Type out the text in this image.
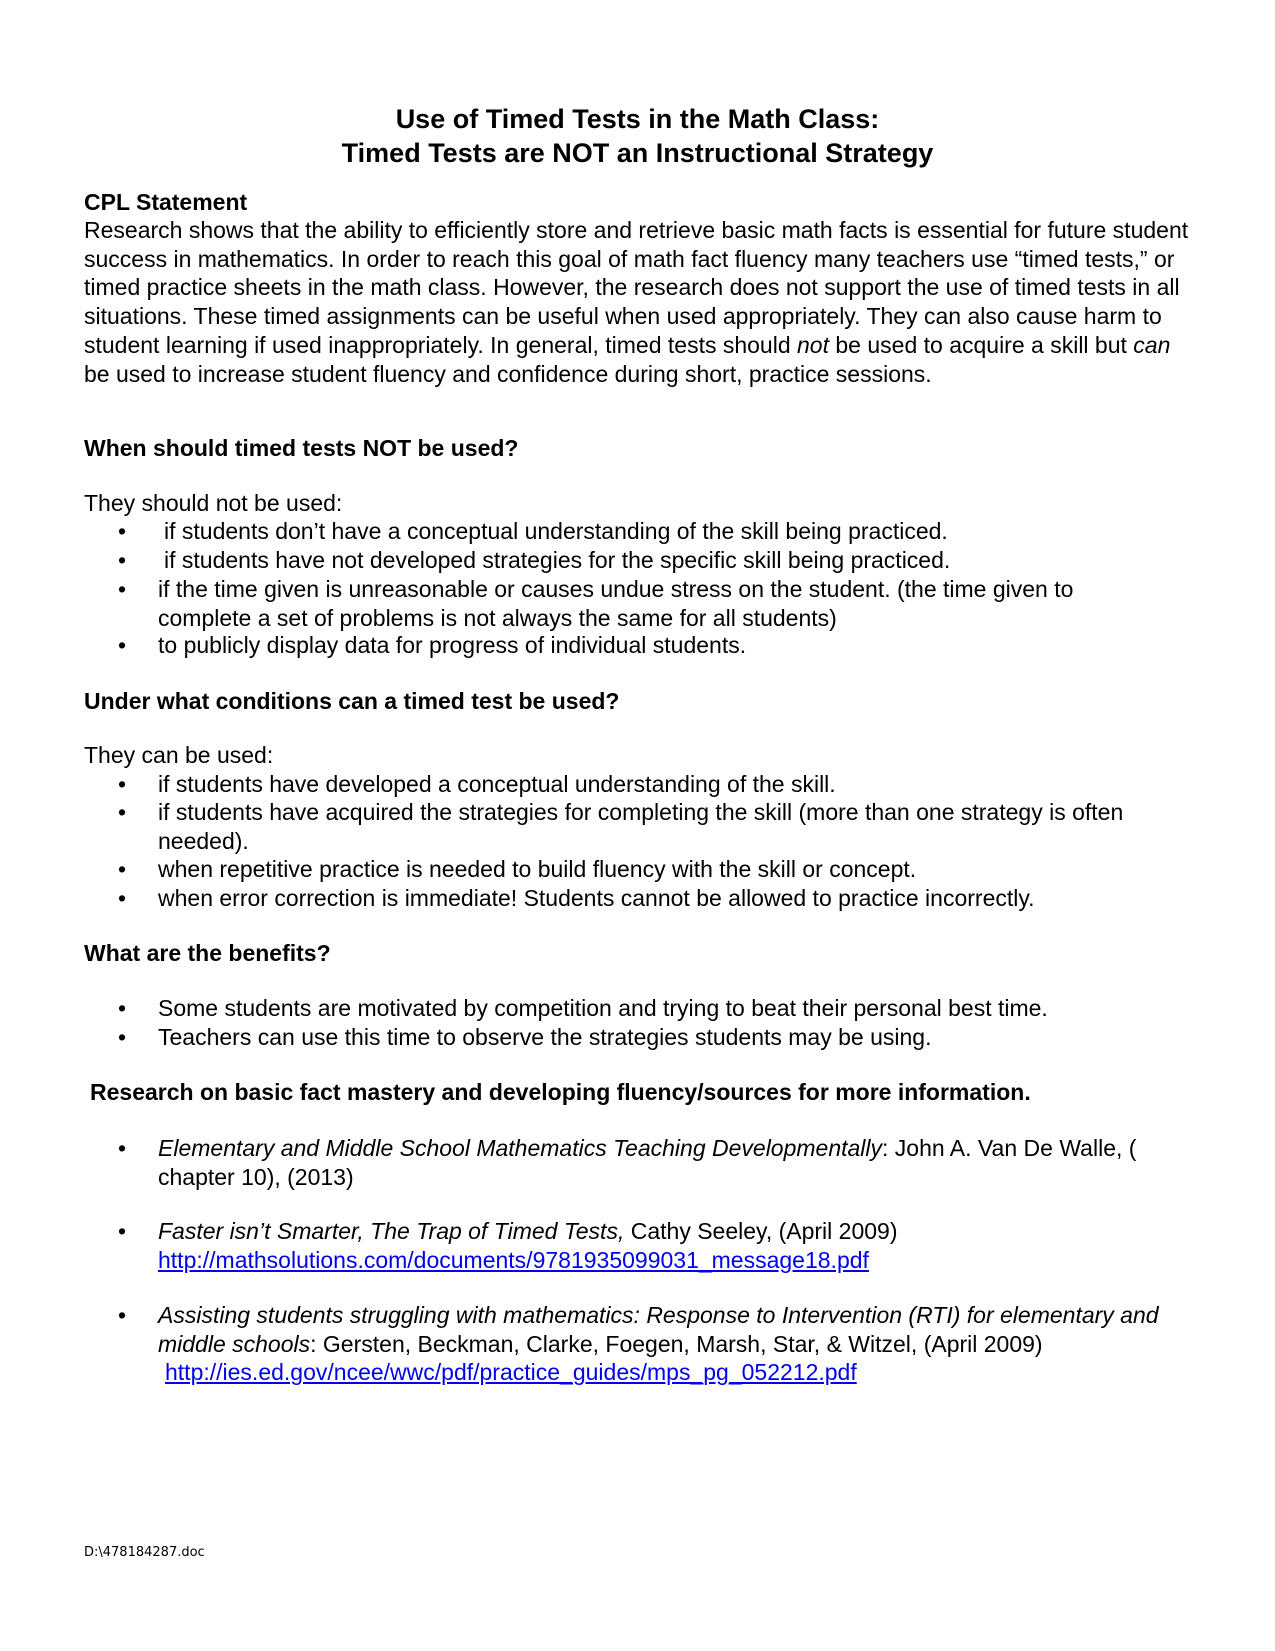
Use of Timed Tests in the Math Class:
Timed Tests are NOT an Instructional Strategy
CPL Statement

Research shows that the ability to efficiently store and retrieve basic math facts is essential for future student success in mathematics. In order to reach this goal of math fact fluency many teachers use “timed tests,” or timed practice sheets in the math class. However, the research does not support the use of timed tests in all situations. These timed assignments can be useful when used appropriately. They can also cause harm to student learning if used inappropriately. In general, timed tests should not be used to acquire a skill but can be used to increase student fluency and confidence during short, practice sessions.

When should timed tests NOT be used?
They should not be used:
• if students don’t have a conceptual understanding of the skill being practiced.
• if students have not developed strategies for the specific skill being practiced.
• if the time given is unreasonable or causes undue stress on the student. (the time given to complete a set of problems is not always the same for all students)
• to publicly display data for progress of individual students.
Under what conditions can a timed test be used?
They can be used:
• if students have developed a conceptual understanding of the skill.
• if students have acquired the strategies for completing the skill (more than one strategy is often needed).
• when repetitive practice is needed to build fluency with the skill or concept.
• when error correction is immediate! Students cannot be allowed to practice incorrectly.
What are the benefits?
• Some students are motivated by competition and trying to beat their personal best time.
• Teachers can use this time to observe the strategies students may be using.
Research on basic fact mastery and developing fluency/sources for more information.
• Elementary and Middle School Mathematics Teaching Developmentally: John A. Van De Walle, ( chapter 10), (2013)
• Faster isn’t Smarter, The Trap of Timed Tests, Cathy Seeley, (April 2009)
http://mathsolutions.com/documents/9781935099031_message18.pdf
• Assisting students struggling with mathematics: Response to Intervention (RTI) for elementary and middle schools: Gersten, Beckman, Clarke, Foegen, Marsh, Star, & Witzel, (April 2009)
http://ies.ed.gov/ncee/wwc/pdf/practice_guides/mps_pg_052212.pdf
D:\478184287.doc
